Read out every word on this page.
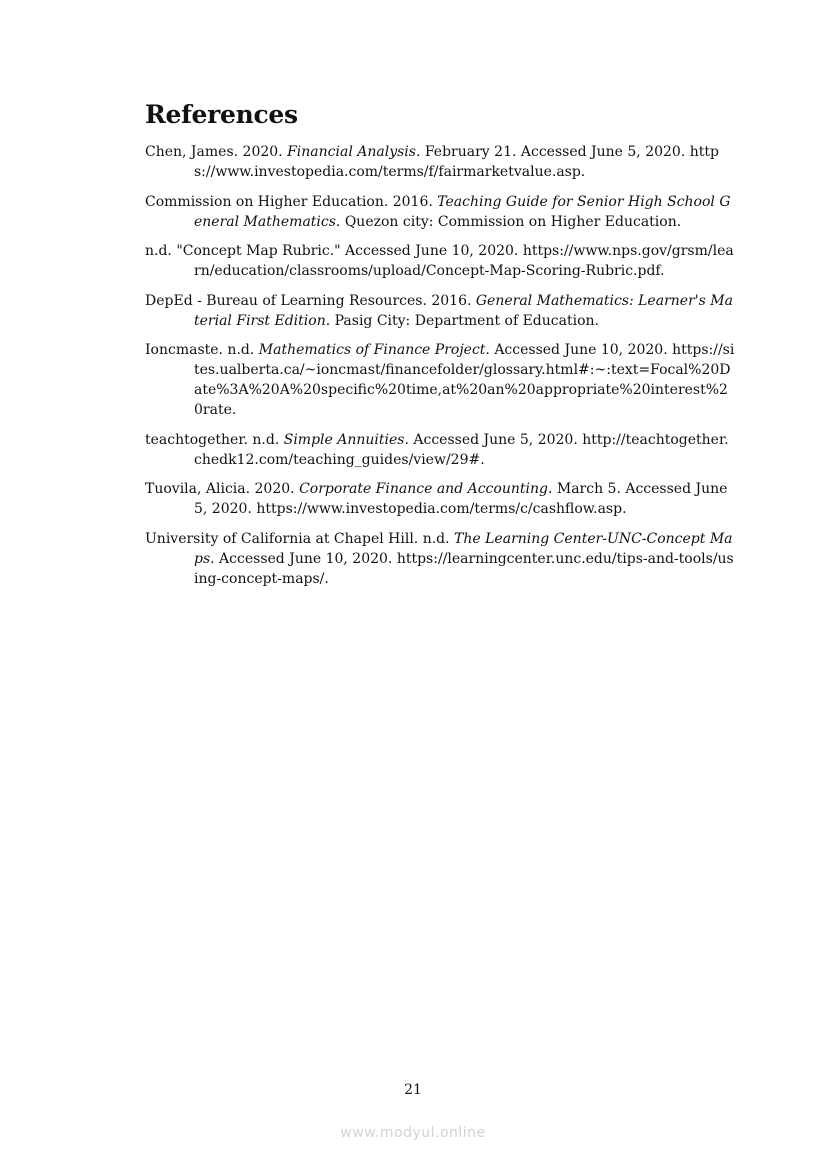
References
Chen, James. 2020. Financial Analysis. February 21. Accessed June 5, 2020. https://www.investopedia.com/terms/f/fairmarketvalue.asp.
Commission on Higher Education. 2016. Teaching Guide for Senior High School General Mathematics. Quezon city: Commission on Higher Education.
n.d. "Concept Map Rubric." Accessed June 10, 2020. https://www.nps.gov/grsm/learn/education/classrooms/upload/Concept-Map-Scoring-Rubric.pdf.
DepEd - Bureau of Learning Resources. 2016. General Mathematics: Learner's Material First Edition. Pasig City: Department of Education.
Ioncmaste. n.d. Mathematics of Finance Project. Accessed June 10, 2020. https://sites.ualberta.ca/~ioncmast/financefolder/glossary.html#:~:text=Focal%20Date%3A%20A%20specific%20time,at%20an%20appropriate%20interest%20rate.
teachtogether. n.d. Simple Annuities. Accessed June 5, 2020. http://teachtogether.chedk12.com/teaching_guides/view/29#.
Tuovila, Alicia. 2020. Corporate Finance and Accounting. March 5. Accessed June 5, 2020. https://www.investopedia.com/terms/c/cashflow.asp.
University of California at Chapel Hill. n.d. The Learning Center-UNC-Concept Maps. Accessed June 10, 2020. https://learningcenter.unc.edu/tips-and-tools/using-concept-maps/.

21

www.modyul.online
